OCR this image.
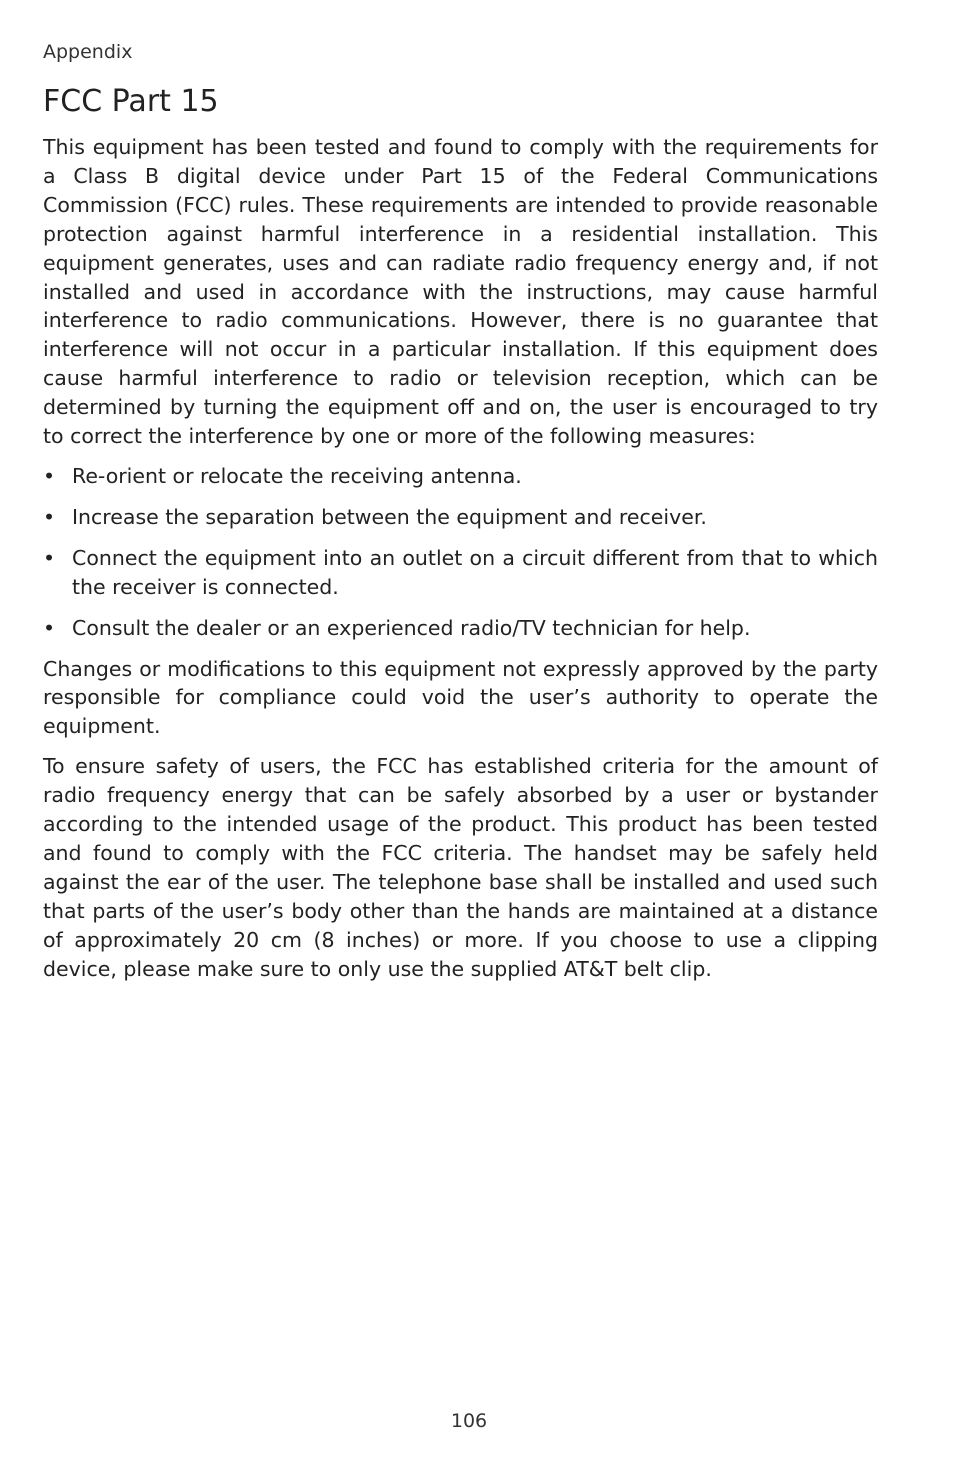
Appendix
FCC Part 15

This equipment has been tested and found to comply with the requirements for a Class B digital device under Part 15 of the Federal Communications Commission (FCC) rules. These requirements are intended to provide reasonable protection against harmful interference in a residential installation. This equipment generates, uses and can radiate radio frequency energy and, if not installed and used in accordance with the instructions, may cause harmful interference to radio communications. However, there is no guarantee that interference will not occur in a particular installation. If this equipment does cause harmful interference to radio or television reception, which can be determined by turning the equipment off and on, the user is encouraged to try to correct the interference by one or more of the following measures:

• Re-orient or relocate the receiving antenna.
• Increase the separation between the equipment and receiver.
• Connect the equipment into an outlet on a circuit different from that to which the receiver is connected.
• Consult the dealer or an experienced radio/TV technician for help.

Changes or modifications to this equipment not expressly approved by the party responsible for compliance could void the user’s authority to operate the equipment.

To ensure safety of users, the FCC has established criteria for the amount of radio frequency energy that can be safely absorbed by a user or bystander according to the intended usage of the product. This product has been tested and found to comply with the FCC criteria. The handset may be safely held against the ear of the user. The telephone base shall be installed and used such that parts of the user’s body other than the hands are maintained at a distance of approximately 20 cm (8 inches) or more. If you choose to use a clipping device, please make sure to only use the supplied AT&T belt clip.

106
